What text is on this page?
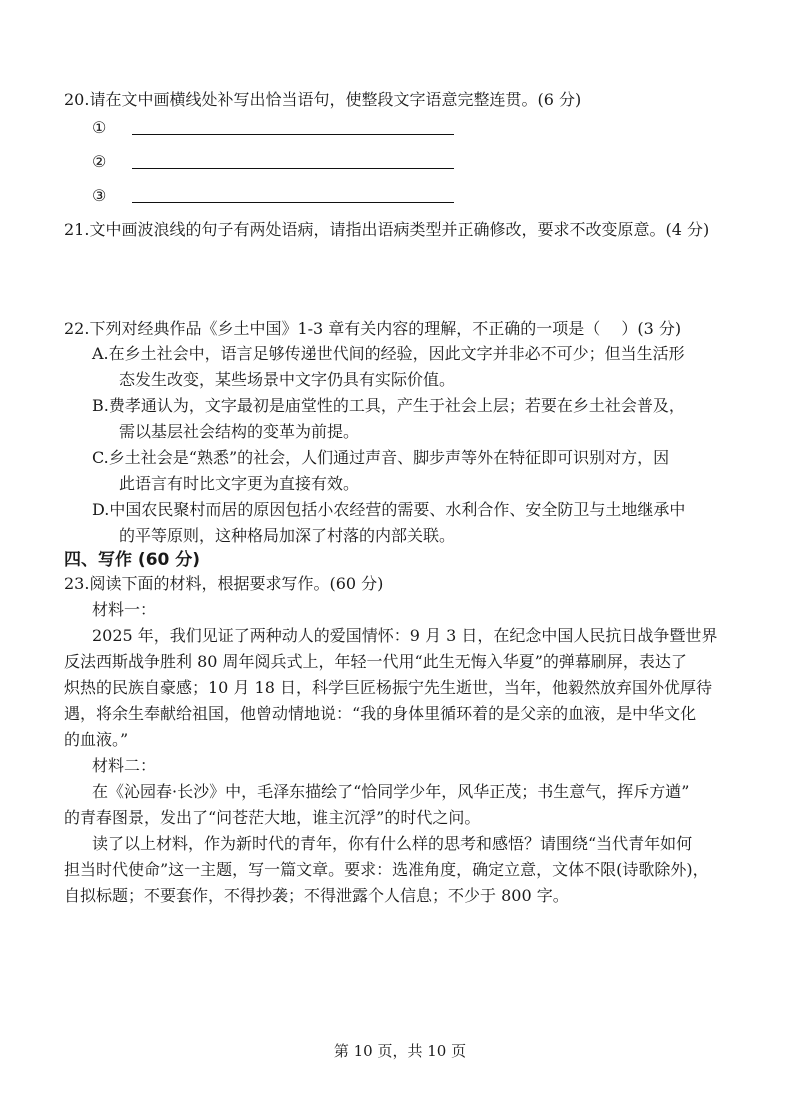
20.请在文中画横线处补写出恰当语句，使整段文字语意完整连贯。(6 分)
①
②
③
21.文中画波浪线的句子有两处语病，请指出语病类型并正确修改，要求不改变原意。(4 分)
22.下列对经典作品《乡土中国》1-3 章有关内容的理解，不正确的一项是（　 ）(3 分)
A.在乡土社会中，语言足够传递世代间的经验，因此文字并非必不可少；但当生活形
态发生改变，某些场景中文字仍具有实际价值。
B.费孝通认为，文字最初是庙堂性的工具，产生于社会上层；若要在乡土社会普及，
需以基层社会结构的变革为前提。
C.乡土社会是“熟悉”的社会，人们通过声音、脚步声等外在特征即可识别对方，因
此语言有时比文字更为直接有效。
D.中国农民聚村而居的原因包括小农经营的需要、水利合作、安全防卫与土地继承中
的平等原则，这种格局加深了村落的内部关联。
四、写作 (60 分)
23.阅读下面的材料，根据要求写作。(60 分)
材料一：
2025 年，我们见证了两种动人的爱国情怀：9 月 3 日，在纪念中国人民抗日战争暨世界
反法西斯战争胜利 80 周年阅兵式上，年轻一代用“此生无悔入华夏”的弹幕刷屏，表达了
炽热的民族自豪感；10 月 18 日，科学巨匠杨振宁先生逝世，当年，他毅然放弃国外优厚待
遇，将余生奉献给祖国，他曾动情地说：“我的身体里循环着的是父亲的血液，是中华文化
的血液。”
材料二：
在《沁园春·长沙》中，毛泽东描绘了“恰同学少年，风华正茂；书生意气，挥斥方遒”
的青春图景，发出了“问苍茫大地，谁主沉浮”的时代之问。
读了以上材料，作为新时代的青年，你有什么样的思考和感悟？请围绕“当代青年如何
担当时代使命”这一主题，写一篇文章。要求：选准角度，确定立意，文体不限(诗歌除外)，
自拟标题；不要套作，不得抄袭；不得泄露个人信息；不少于 800 字。
第 10 页，共 10 页
